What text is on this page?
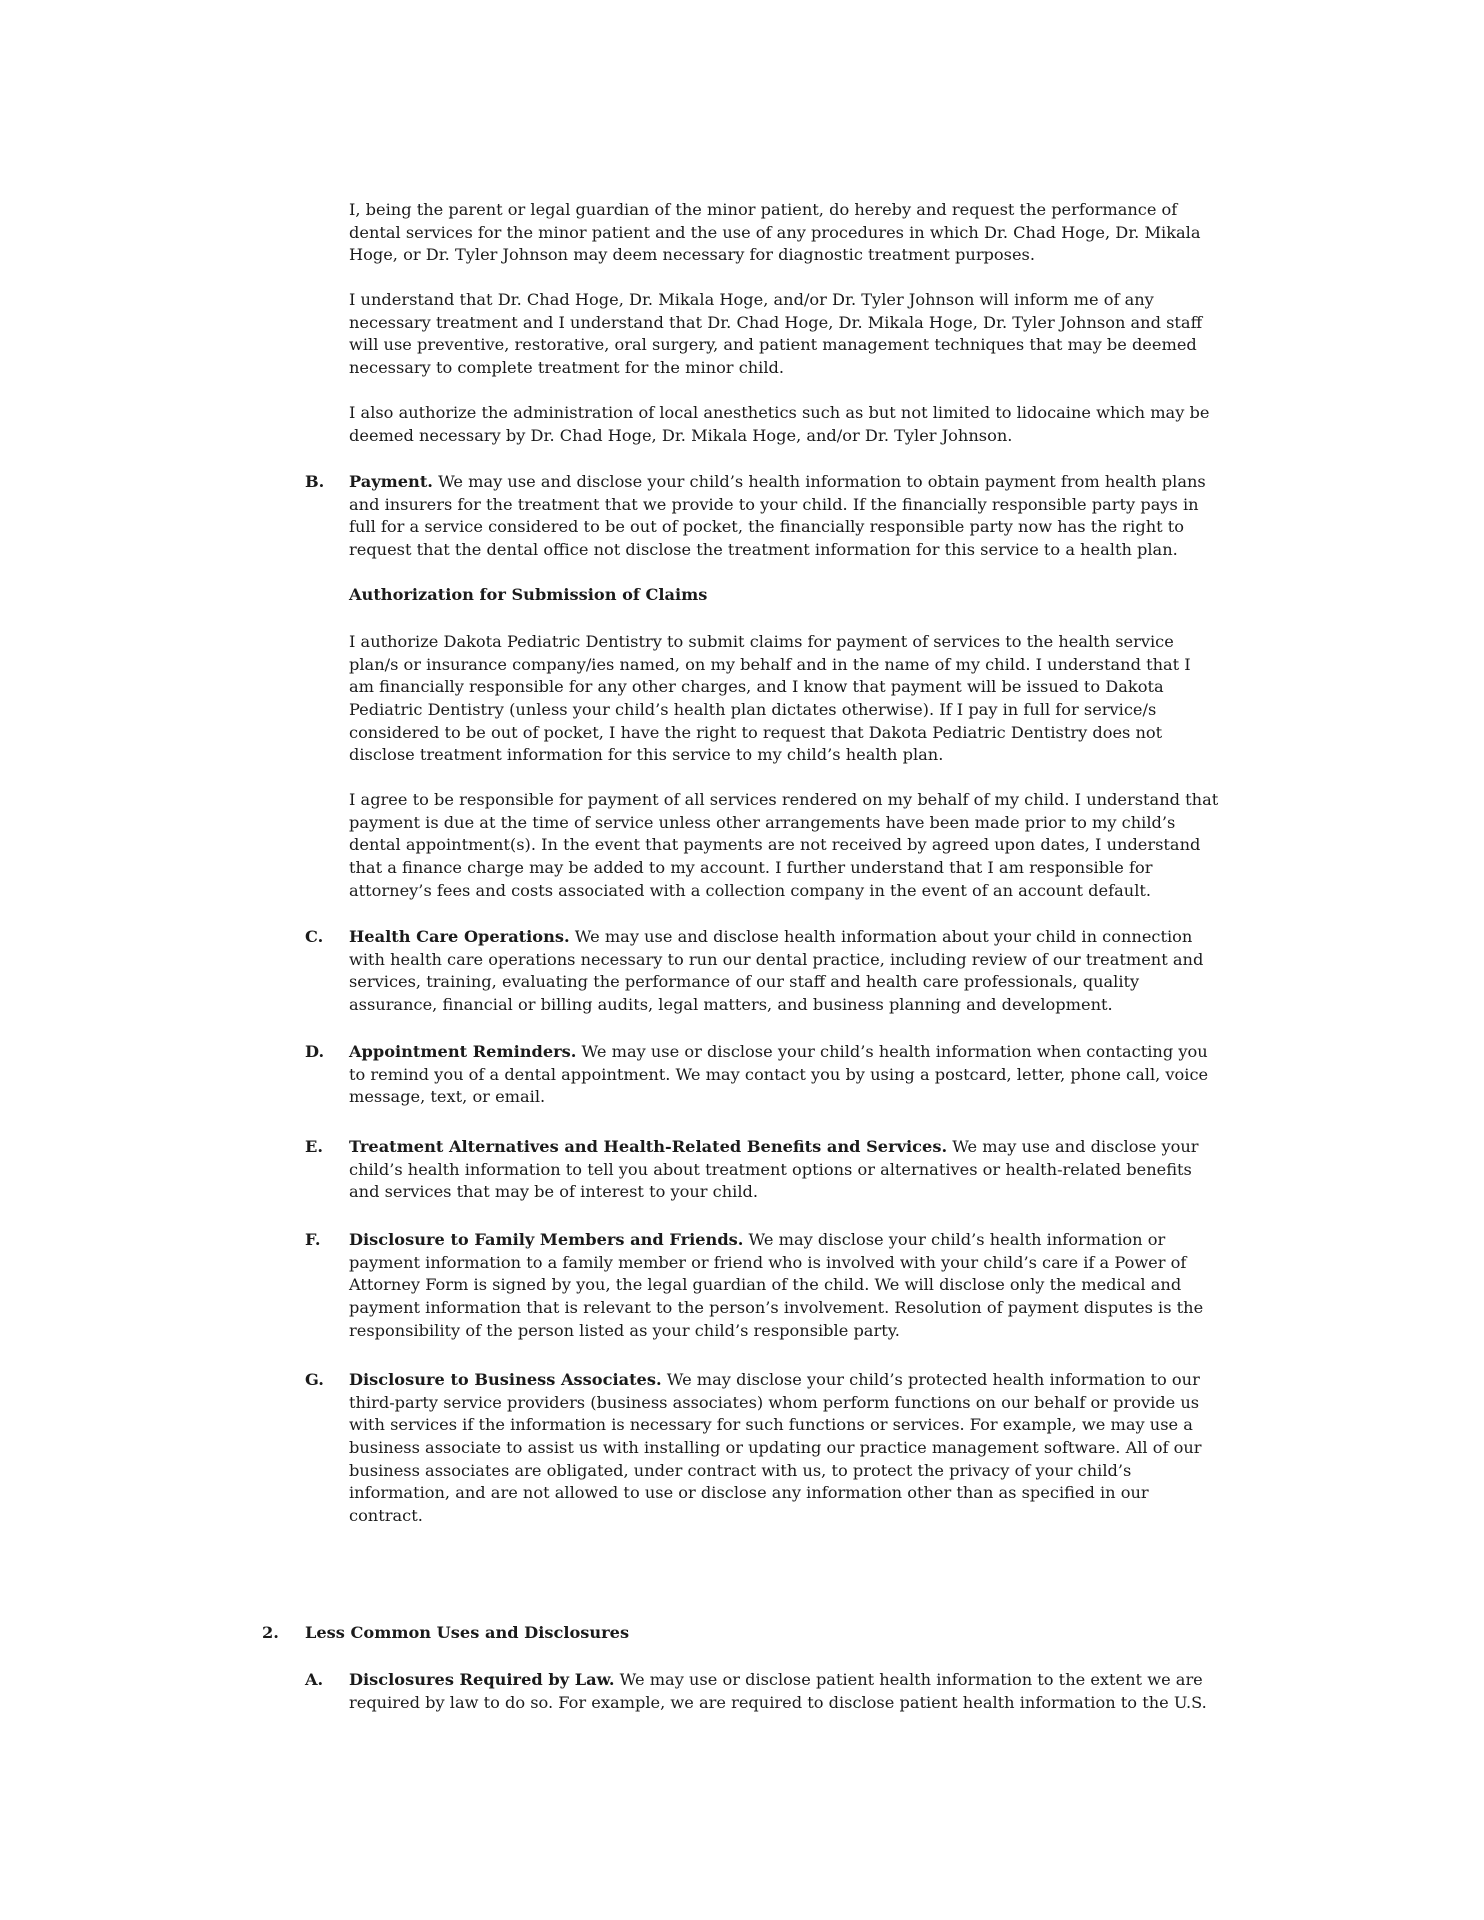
I, being the parent or legal guardian of the minor patient, do hereby and request the performance of
dental services for the minor patient and the use of any procedures in which Dr. Chad Hoge, Dr. Mikala
Hoge, or Dr. Tyler Johnson may deem necessary for diagnostic treatment purposes.
I understand that Dr. Chad Hoge, Dr. Mikala Hoge, and/or Dr. Tyler Johnson will inform me of any
necessary treatment and I understand that Dr. Chad Hoge, Dr. Mikala Hoge, Dr. Tyler Johnson and staff
will use preventive, restorative, oral surgery, and patient management techniques that may be deemed
necessary to complete treatment for the minor child.
I also authorize the administration of local anesthetics such as but not limited to lidocaine which may be
deemed necessary by Dr. Chad Hoge, Dr. Mikala Hoge, and/or Dr. Tyler Johnson.
B. Payment. We may use and disclose your child’s health information to obtain payment from health plans
and insurers for the treatment that we provide to your child. If the financially responsible party pays in
full for a service considered to be out of pocket, the financially responsible party now has the right to
request that the dental office not disclose the treatment information for this service to a health plan.
Authorization for Submission of Claims
I authorize Dakota Pediatric Dentistry to submit claims for payment of services to the health service
plan/s or insurance company/ies named, on my behalf and in the name of my child. I understand that I
am financially responsible for any other charges, and I know that payment will be issued to Dakota
Pediatric Dentistry (unless your child’s health plan dictates otherwise). If I pay in full for service/s
considered to be out of pocket, I have the right to request that Dakota Pediatric Dentistry does not
disclose treatment information for this service to my child’s health plan.
I agree to be responsible for payment of all services rendered on my behalf of my child. I understand that
payment is due at the time of service unless other arrangements have been made prior to my child’s
dental appointment(s). In the event that payments are not received by agreed upon dates, I understand
that a finance charge may be added to my account. I further understand that I am responsible for
attorney’s fees and costs associated with a collection company in the event of an account default.
C. Health Care Operations. We may use and disclose health information about your child in connection
with health care operations necessary to run our dental practice, including review of our treatment and
services, training, evaluating the performance of our staff and health care professionals, quality
assurance, financial or billing audits, legal matters, and business planning and development.
D. Appointment Reminders. We may use or disclose your child’s health information when contacting you
to remind you of a dental appointment. We may contact you by using a postcard, letter, phone call, voice
message, text, or email.
E. Treatment Alternatives and Health-Related Benefits and Services. We may use and disclose your
child’s health information to tell you about treatment options or alternatives or health-related benefits
and services that may be of interest to your child.
F. Disclosure to Family Members and Friends. We may disclose your child’s health information or
payment information to a family member or friend who is involved with your child’s care if a Power of
Attorney Form is signed by you, the legal guardian of the child. We will disclose only the medical and
payment information that is relevant to the person’s involvement. Resolution of payment disputes is the
responsibility of the person listed as your child’s responsible party.
G. Disclosure to Business Associates. We may disclose your child’s protected health information to our
third-party service providers (business associates) whom perform functions on our behalf or provide us
with services if the information is necessary for such functions or services. For example, we may use a
business associate to assist us with installing or updating our practice management software. All of our
business associates are obligated, under contract with us, to protect the privacy of your child’s
information, and are not allowed to use or disclose any information other than as specified in our
contract.
2. Less Common Uses and Disclosures
A. Disclosures Required by Law. We may use or disclose patient health information to the extent we are
required by law to do so. For example, we are required to disclose patient health information to the U.S.
